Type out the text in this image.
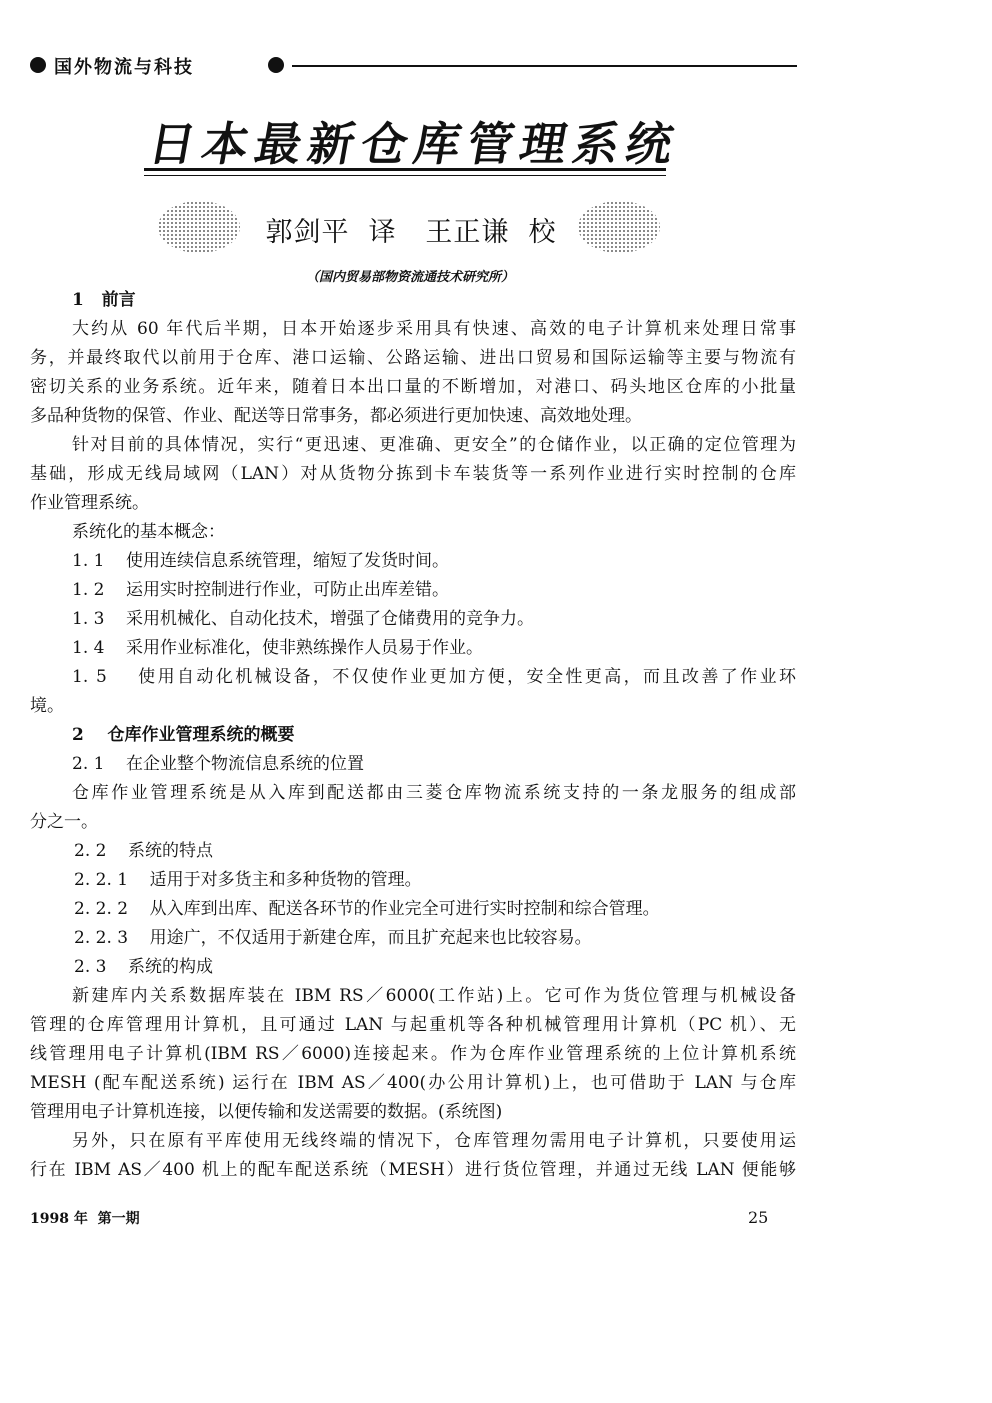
国外物流与科技
日本最新仓库管理系统
郭剑平  译   王正谦  校
（国内贸易部物资流通技术研究所）
1   前言
大约从 60 年代后半期，日本开始逐步采用具有快速、高效的电子计算机来处理日常事
务，并最终取代以前用于仓库、港口运输、公路运输、进出口贸易和国际运输等主要与物流有
密切关系的业务系统。近年来，随着日本出口量的不断增加，对港口、码头地区仓库的小批量
多品种货物的保管、作业、配送等日常事务，都必须进行更加快速、高效地处理。
针对目前的具体情况，实行“更迅速、更准确、更安全”的仓储作业，以正确的定位管理为
基础，形成无线局域网（LAN）对从货物分拣到卡车装货等一系列作业进行实时控制的仓库
作业管理系统。
系统化的基本概念：
1. 1    使用连续信息系统管理，缩短了发货时间。
1. 2    运用实时控制进行作业，可防止出库差错。
1. 3    采用机械化、自动化技术，增强了仓储费用的竞争力。
1. 4    采用作业标准化，使非熟练操作人员易于作业。
1. 5    使用自动化机械设备，不仅使作业更加方便，安全性更高，而且改善了作业环
境。
2    仓库作业管理系统的概要
2. 1    在企业整个物流信息系统的位置
仓库作业管理系统是从入库到配送都由三菱仓库物流系统支持的一条龙服务的组成部
分之一。
2. 2    系统的特点
2. 2. 1    适用于对多货主和多种货物的管理。
2. 2. 2    从入库到出库、配送各环节的作业完全可进行实时控制和综合管理。
2. 2. 3    用途广，不仅适用于新建仓库，而且扩充起来也比较容易。
2. 3    系统的构成
新建库内关系数据库装在 IBM RS／6000(工作站)上。它可作为货位管理与机械设备
管理的仓库管理用计算机，且可通过 LAN 与起重机等各种机械管理用计算机（PC 机）、无
线管理用电子计算机(IBM RS／6000)连接起来。作为仓库作业管理系统的上位计算机系统
MESH (配车配送系统) 运行在 IBM AS／400(办公用计算机)上，也可借助于 LAN 与仓库
管理用电子计算机连接，以便传输和发送需要的数据。(系统图)
另外，只在原有平库使用无线终端的情况下，仓库管理勿需用电子计算机，只要使用运
行在 IBM AS／400 机上的配车配送系统（MESH）进行货位管理，并通过无线 LAN 便能够
1998 年  第一期	25
